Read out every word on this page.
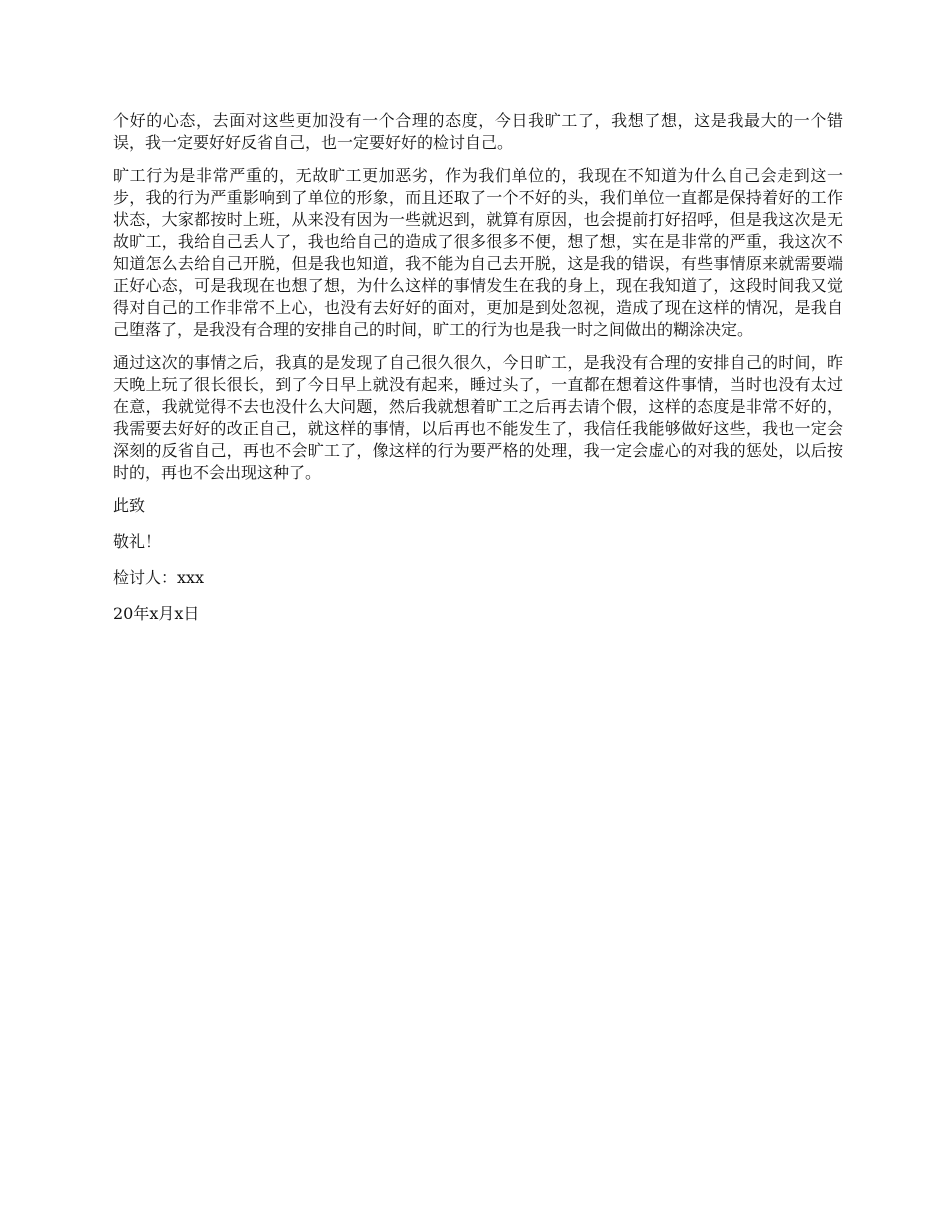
个好的心态，去面对这些更加没有一个合理的态度，今日我旷工了，我想了想，这是我最大的一个错误，我一定要好好反省自己，也一定要好好的检讨自己。

旷工行为是非常严重的，无故旷工更加恶劣，作为我们单位的，我现在不知道为什么自己会走到这一步，我的行为严重影响到了单位的形象，而且还取了一个不好的头，我们单位一直都是保持着好的工作状态，大家都按时上班，从来没有因为一些就迟到，就算有原因，也会提前打好招呼，但是我这次是无故旷工，我给自己丢人了，我也给自己的造成了很多很多不便，想了想，实在是非常的严重，我这次不知道怎么去给自己开脱，但是我也知道，我不能为自己去开脱，这是我的错误，有些事情原来就需要端正好心态，可是我现在也想了想，为什么这样的事情发生在我的身上，现在我知道了，这段时间我又觉得对自己的工作非常不上心，也没有去好好的面对，更加是到处忽视，造成了现在这样的情况，是我自己堕落了，是我没有合理的安排自己的时间，旷工的行为也是我一时之间做出的糊涂决定。

通过这次的事情之后，我真的是发现了自己很久很久，今日旷工，是我没有合理的安排自己的时间，昨天晚上玩了很长很长，到了今日早上就没有起来，睡过头了，一直都在想着这件事情，当时也没有太过在意，我就觉得不去也没什么大问题，然后我就想着旷工之后再去请个假，这样的态度是非常不好的，我需要去好好的改正自己，就这样的事情，以后再也不能发生了，我信任我能够做好这些，我也一定会深刻的反省自己，再也不会旷工了，像这样的行为要严格的处理，我一定会虚心的对我的惩处，以后按时的，再也不会出现这种了。

此致

敬礼！

检讨人：xxx

20年x月x日
